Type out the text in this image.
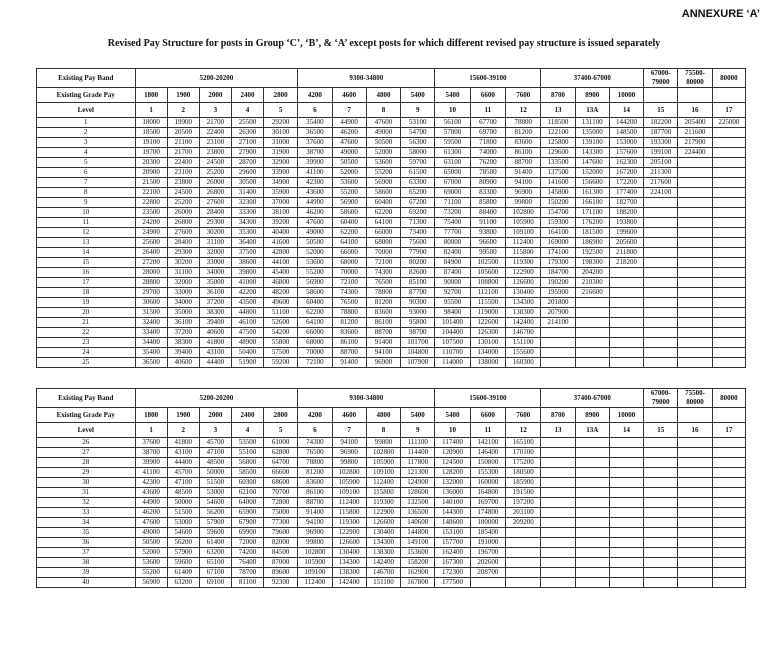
ANNEXURE ‘A’
Revised Pay Structure for posts in Group ‘C’, ‘B’, & ‘A’ except posts for which different revised pay structure is issued separately
Existing Pay Band	5200-20200					9300-34800				15600-39100			37400-67000			67000-79000	75500-80000	80000
Existing Grade Pay	1800	1900	2000	2400	2800	4200	4600	4800	5400	5400	6600	7600	8700	8900	10000			
Level	1	2	3	4	5	6	7	8	9	10	11	12	13	13A	14	15	16	17
1	18000	19900	21700	25500	29200	35400	44900	47600	53100	56100	67700	78800	118500	131100	144200	182200	205400	225000
2	18500	20500	22400	26300	30100	36500	46200	49000	54700	57800	69700	81200	122100	135000	148500	187700	211600	
3	19100	21100	23100	27100	31000	37600	47600	50500	56300	59500	71800	83600	125800	139100	153000	193300	217900	
4	19700	21700	23800	27900	31900	38700	49000	52000	58000	61300	74000	86100	129600	143300	157600	199100	224400	
5	20300	22400	24500	28700	32900	39900	50500	53600	59700	63100	76200	88700	133500	147600	162300	205100		
6	20900	23100	25200	29600	33900	41100	52000	55200	61500	65000	78500	91400	137500	152000	167200	211300		
7	21500	23800	26000	30500	34900	42300	53600	56900	63300	67000	80900	94100	141600	156600	172200	217600		
8	22100	24500	26800	31400	35900	43600	55200	58600	65200	69000	83300	96900	145800	161300	177400	224100		
9	22800	25200	27600	32300	37000	44900	56900	60400	67200	71100	85800	99800	150200	166100	182700			
10	23500	26000	28400	33300	38100	46200	58600	62200	69200	73200	88400	102800	154700	171100	188200			
11	24200	26800	29300	34300	39200	47600	60400	64100	71300	75400	91100	105900	159300	176200	193800			
12	24900	27600	30200	35300	40400	49000	62200	66000	73400	77700	93800	109100	164100	181500	199600			
13	25600	28400	31100	36400	41600	50500	64100	68000	75600	80000	96600	112400	169000	186900	205600			
14	26400	29300	32000	37500	42800	52000	66000	70000	77900	82400	99500	115800	174100	192500	211800			
15	27200	30200	33000	38600	44100	53600	68000	72100	80200	84900	102500	119300	179300	198300	218200			
16	28000	31100	34000	39800	45400	55200	70000	74300	82600	87400	105600	122900	184700	204200				
17	28800	32000	35000	41000	46800	56900	72100	76500	85100	90000	108800	126600	190200	210300				
18	29700	33000	36100	42200	48200	58600	74300	78800	87700	92700	112100	130400	195900	216600				
19	30600	34000	37200	43500	49600	60400	76500	81200	90300	95500	115500	134300	201800					
20	31500	35000	38300	44800	51100	62200	78800	83600	93000	98400	119000	138300	207900					
21	32400	36100	39400	46100	52600	64100	81200	86100	95800	101400	122600	142400	214100					
22	33400	37200	40600	47500	54200	66000	83600	88700	98700	104400	126300	146700						
23	34400	38300	41800	48900	55800	68000	86100	91400	101700	107500	130100	151100						
24	35400	39400	43100	50400	57500	70000	88700	94100	104800	110700	134000	155600						
25	36500	40600	44400	51900	59200	72100	91400	96900	107900	114000	138000	160300						
Existing Pay Band	5200-20200					9300-34800				15600-39100			37400-67000			67000-79000	75500-80000	80000
Existing Grade Pay	1800	1900	2000	2400	2800	4200	4600	4800	5400	5400	6600	7600	8700	8900	10000			
Level	1	2	3	4	5	6	7	8	9	10	11	12	13	13A	14	15	16	17
26	37600	41800	45700	53500	61000	74300	94100	99800	111100	117400	142100	165100						
27	38700	43100	47100	55100	62800	76500	96900	102800	114400	120900	146400	170100						
28	39900	44400	48500	56800	64700	78800	99800	105900	117800	124500	150800	175200						
29	41100	45700	50000	58500	66600	81200	102800	109100	121300	128200	155300	180500						
30	42300	47100	51500	60300	68600	83600	105900	112400	124900	132000	160000	185900						
31	43600	48500	53000	62100	70700	86100	109100	115800	128600	136000	164800	191500						
32	44900	50000	54600	64000	72800	88700	112400	119300	132500	140100	169700	197200						
33	46200	51500	56200	65900	75000	91400	115800	122900	136500	144300	174800	203100						
34	47600	53000	57900	67900	77300	94100	119300	126600	140600	148600	180000	209200						
35	49000	54600	59600	69900	79600	96900	122900	130400	144800	153100	185400							
36	50500	56200	61400	72000	82000	99800	126600	134300	149100	157700	191000							
37	52000	57900	63200	74200	84500	102800	130400	138300	153600	162400	196700							
38	53600	59600	65100	76400	87000	105900	134300	142400	158200	167300	202600							
39	55200	61400	67100	78700	89600	109100	138300	146700	162900	172300	208700							
40	56900	63200	69100	81100	92300	112400	142400	151100	167800	177500								
